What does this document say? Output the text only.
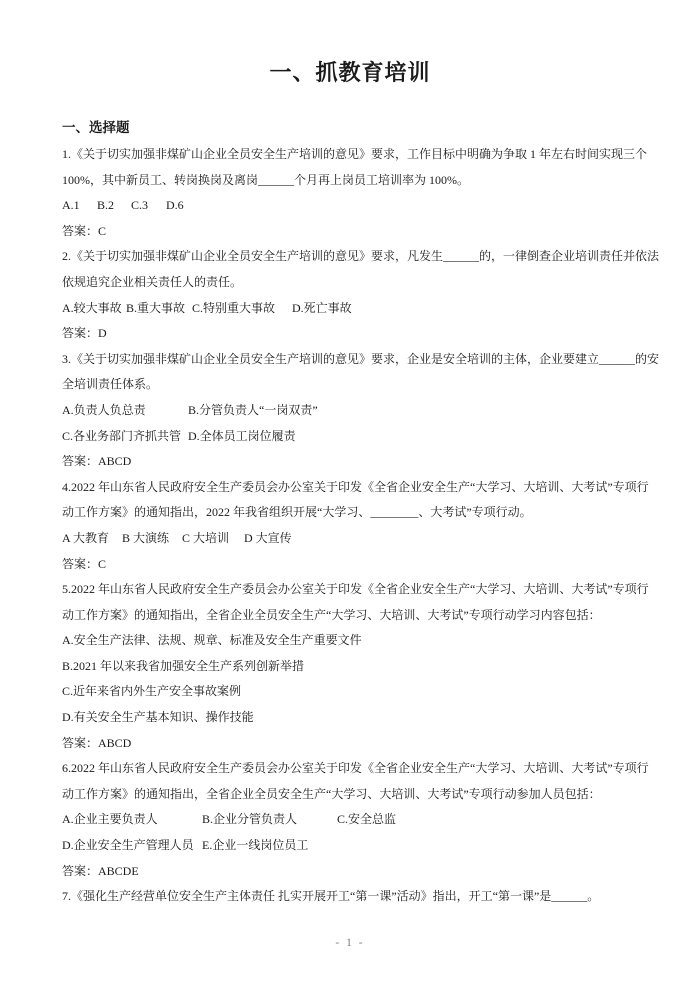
一、抓教育培训
一、选择题
1.《关于切实加强非煤矿山企业全员安全生产培训的意见》要求，工作目标中明确为争取 1 年左右时间实现三个
100%，其中新员工、转岗换岗及离岗______个月再上岗员工培训率为 100%。
A.1 B.2 C.3 D.6
答案：C
2.《关于切实加强非煤矿山企业全员安全生产培训的意见》要求，凡发生______的，一律倒查企业培训责任并依法
依规追究企业相关责任人的责任。
A.较大事故 B.重大事故 C.特别重大事故 D.死亡事故
答案：D
3.《关于切实加强非煤矿山企业全员安全生产培训的意见》要求，企业是安全培训的主体，企业要建立______的安
全培训责任体系。
A.负责人负总责	B.分管负责人“一岗双责”
C.各业务部门齐抓共管 D.全体员工岗位履责
答案：ABCD
4.2022 年山东省人民政府安全生产委员会办公室关于印发《全省企业安全生产“大学习、大培训、大考试”专项行
动工作方案》的通知指出，2022 年我省组织开展“大学习、________、大考试”专项行动。
A 大教育 B 大演练 C 大培训 D 大宣传
答案：C
5.2022 年山东省人民政府安全生产委员会办公室关于印发《全省企业安全生产“大学习、大培训、大考试”专项行
动工作方案》的通知指出，全省企业全员安全生产“大学习、大培训、大考试”专项行动学习内容包括：
A.安全生产法律、法规、规章、标准及安全生产重要文件
B.2021 年以来我省加强安全生产系列创新举措
C.近年来省内外生产安全事故案例
D.有关安全生产基本知识、操作技能
答案：ABCD
6.2022 年山东省人民政府安全生产委员会办公室关于印发《全省企业安全生产“大学习、大培训、大考试”专项行
动工作方案》的通知指出，全省企业全员安全生产“大学习、大培训、大考试”专项行动参加人员包括：
A.企业主要负责人	B.企业分管负责人	C.安全总监
D.企业安全生产管理人员 E.企业一线岗位员工
答案：ABCDE
7.《强化生产经营单位安全生产主体责任 扎实开展开工“第一课”活动》指出，开工“第一课”是______。
- 1 -
